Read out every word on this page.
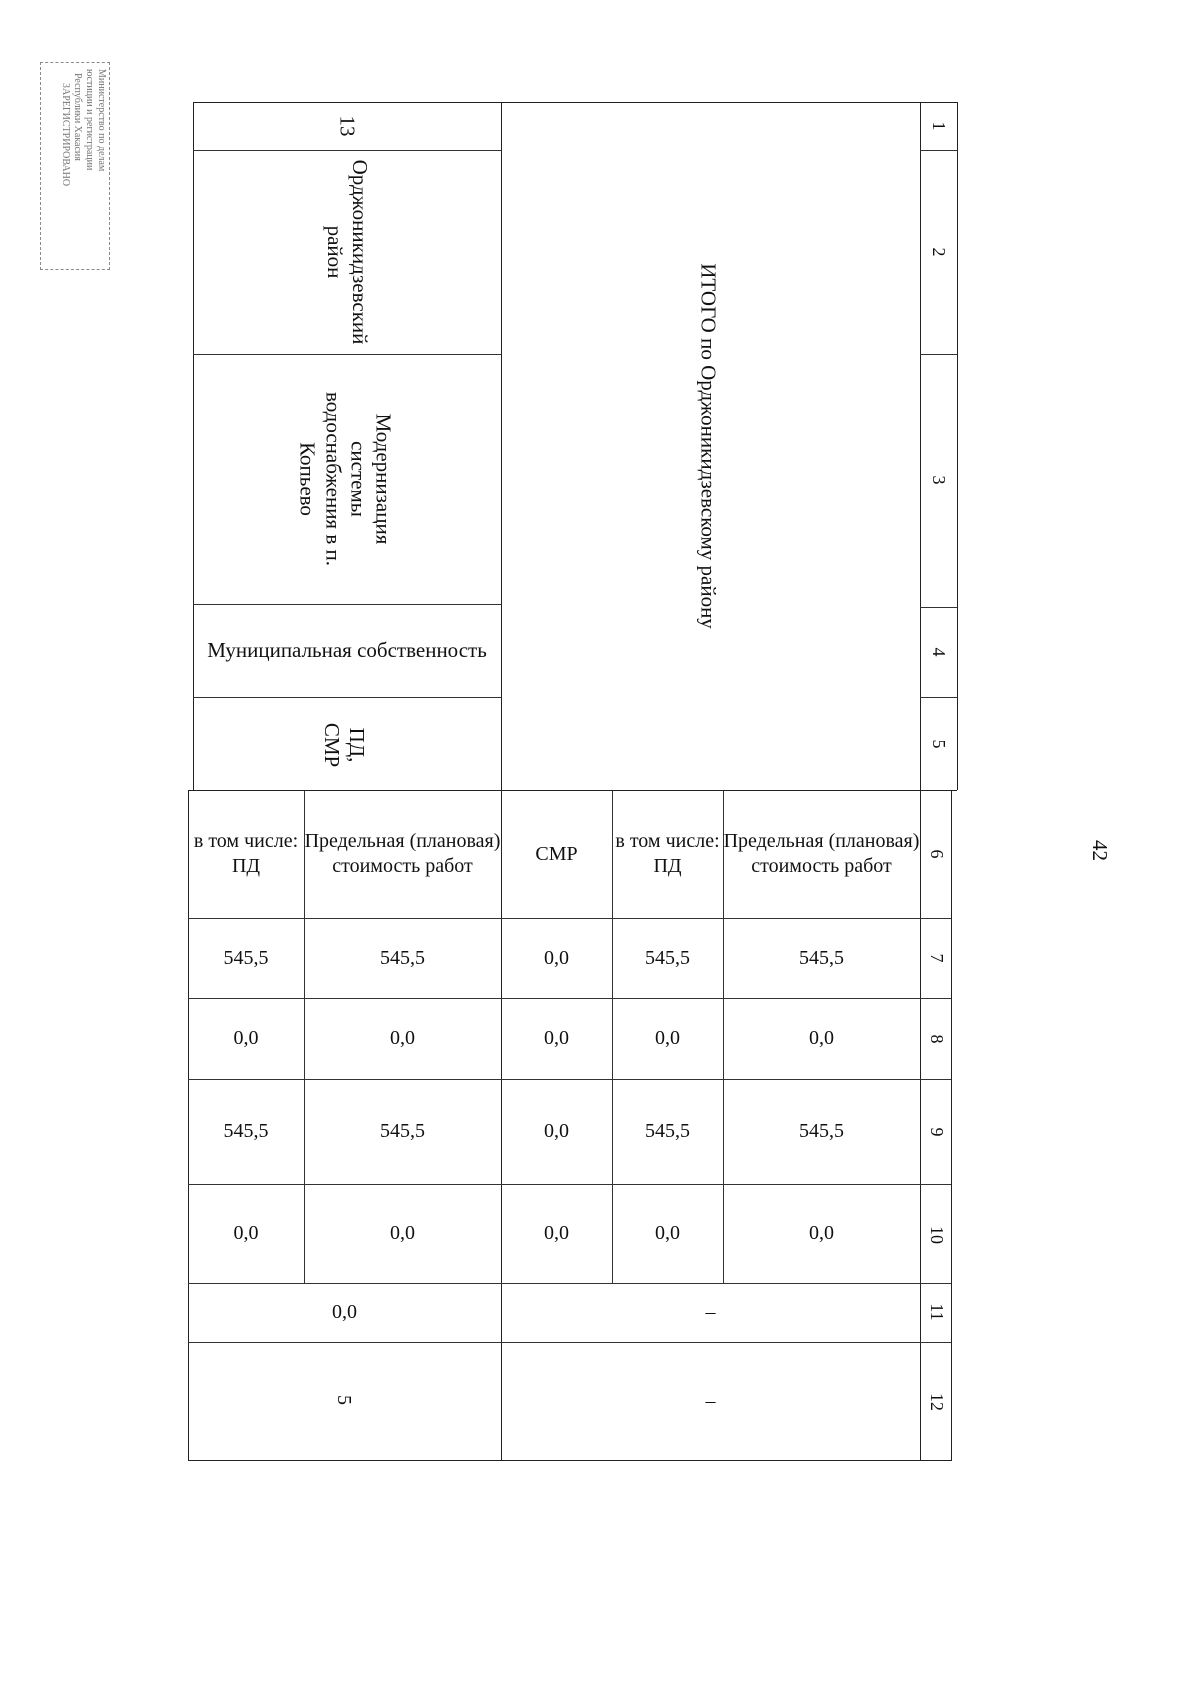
42
Министерство по делам
юстиции и регистрации
Республики Хакасия
ЗАРЕГИСТРИРОВАНО	1
2
3
4
5
6
7
8
9
10
11
12
13
Орджоникидзевский район
Модернизация системы водоснабжения в п. Копьево
ПД, СМР
Муниципальная собственность
Предельная (плановая) стоимость работ
в том числе: ПД
545,5
545,5
0,0
0,0
545,5
545,5
0,0
0,0
0,0
5
ИТОГО по Орджоникидзевскому району
Предельная (плановая) стоимость работ
в том числе: ПД
СМР
545,5
545,5
0,0
0,0
0,0
0,0
545,5
545,5
0,0
0,0
0,0
0,0
–
–
